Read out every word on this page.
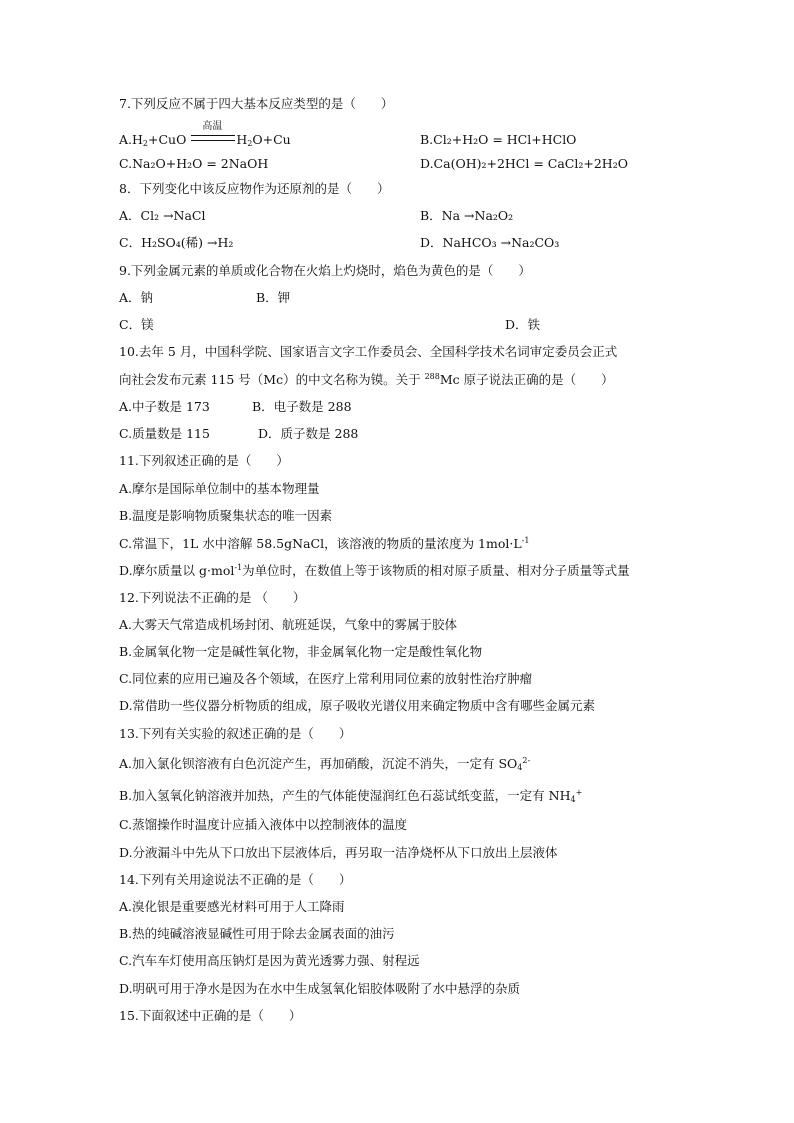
7.下列反应不属于四大基本反应类型的是（　　）
$A.H_2+CuO$
高温
$H_2O+Cu$	B.Cl₂+H₂O = HCl+HClO
C.Na₂O+H₂O = 2NaOH	D.Ca(OH)₂+2HCl = CaCl₂+2H₂O
8．下列变化中该反应物作为还原剂的是（　　）
A．Cl₂ →NaCl	B．Na →Na₂O₂
C．H₂SO₄(稀) →H₂	D．NaHCO₃ →Na₂CO₃
9.下列金属元素的单质或化合物在火焰上灼烧时，焰色为黄色的是（　　）
A．钠	B．钾
C．镁	D．铁
10.去年 5 月，中国科学院、国家语言文字工作委员会、全国科学技术名词审定委员会正式
向社会发布元素 115 号（Mc）的中文名称为镆。关于 $^{288}$Mc 原子说法正确的是（　　）
A.中子数是 173	B．电子数是 288
C.质量数是 115	D．质子数是 288
11.下列叙述正确的是（　　）
A.摩尔是国际单位制中的基本物理量
B.温度是影响物质聚集状态的唯一因素
C.常温下，1L 水中溶解 58.5gNaCl，该溶液的物质的量浓度为 $1mol\cdot L^{-1}$
D.摩尔质量以 g·mol$^{-1}$为单位时，在数值上等于该物质的相对原子质量、相对分子质量等式量
12.下列说法不正确的是 （　　）
A.大雾天气常造成机场封闭、航班延误，气象中的雾属于胶体
B.金属氧化物一定是碱性氧化物，非金属氧化物一定是酸性氧化物
C.同位素的应用已遍及各个领域，在医疗上常利用同位素的放射性治疗肿瘤
D.常借助一些仪器分析物质的组成，原子吸收光谱仪用来确定物质中含有哪些金属元素
13.下列有关实验的叙述正确的是（　　）
A.加入氯化钡溶液有白色沉淀产生，再加硝酸，沉淀不消失，一定有 $SO_4^{2-}$
B.加入氢氧化钠溶液并加热，产生的气体能使湿润红色石蕊试纸变蓝，一定有 $NH_4^+$
C.蒸馏操作时温度计应插入液体中以控制液体的温度
D.分液漏斗中先从下口放出下层液体后，再另取一洁净烧杯从下口放出上层液体
14.下列有关用途说法不正确的是（　　）
A.溴化银是重要感光材料可用于人工降雨
B.热的纯碱溶液显碱性可用于除去金属表面的油污
C.汽车车灯使用高压钠灯是因为黄光透雾力强、射程远
D.明矾可用于净水是因为在水中生成氢氧化铝胶体吸附了水中悬浮的杂质
15.下面叙述中正确的是（　　）
